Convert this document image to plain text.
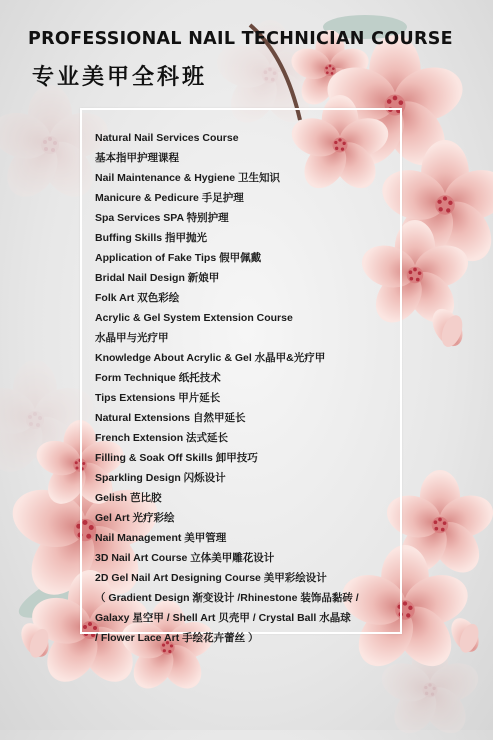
PROFESSIONAL NAIL TECHNICIAN COURSE
专业美甲全科班
Natural Nail Services Course
基本指甲护理课程
Nail Maintenance & Hygiene 卫生知识
Manicure & Pedicure 手足护理
Spa Services SPA 特别护理
Buffing Skills 指甲抛光
Application of Fake Tips 假甲佩戴
Bridal Nail Design 新娘甲
Folk Art 双色彩绘
Acrylic & Gel System Extension Course
水晶甲与光疗甲
Knowledge About Acrylic & Gel 水晶甲&光疗甲
Form Technique 纸托技术
Tips Extensions 甲片延长
Natural Extensions 自然甲延长
French Extension 法式延长
Filling & Soak Off Skills 卸甲技巧
Sparkling Design 闪烁设计
Gelish 芭比胶
Gel Art 光疗彩绘
Nail Management 美甲管理
3D Nail Art Course 立体美甲雕花设计
2D Gel Nail Art Designing Course 美甲彩绘设计
（ Gradient Design 渐变设计 /Rhinestone 装饰品黏砖 /
Galaxy 星空甲 / Shell Art 贝壳甲 / Crystal Ball 水晶球
/ Flower Lace Art 手绘花卉蕾丝 ）
